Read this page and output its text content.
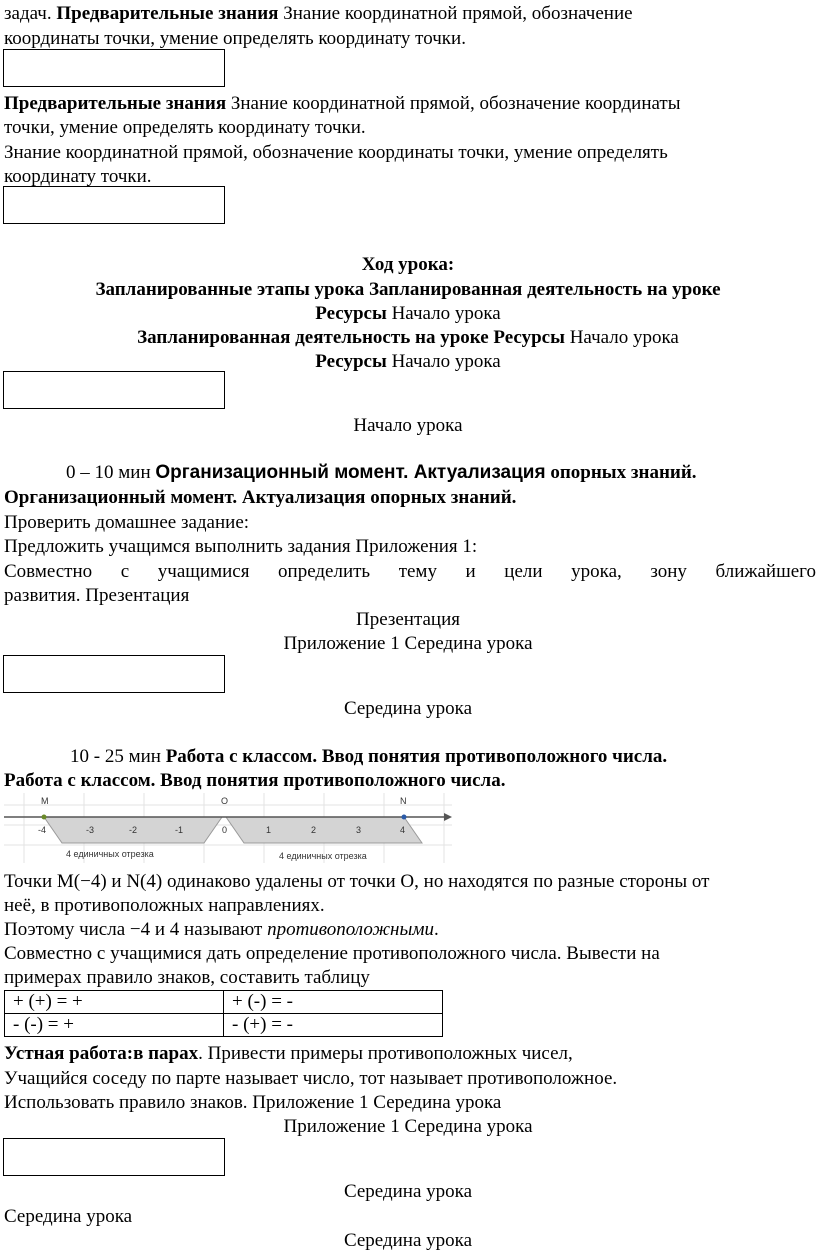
задач. Предварительные знания Знание координатной прямой, обозначение
координаты точки, умение определять координату точки.
Предварительные знания Знание координатной прямой, обозначение координаты
точки, умение определять координату точки.
Знание координатной прямой, обозначение координаты точки, умение определять
координату точки.
Ход урока:
Запланированные этапы урока Запланированная деятельность на уроке
Ресурсы Начало урока
Запланированная деятельность на уроке Ресурсы Начало урока
Ресурсы Начало урока
Начало урока
0 – 10 мин Организационный момент. Актуализация опорных знаний.
Организационный момент. Актуализация опорных знаний.
Проверить домашнее задание:
Предложить учащимся выполнить задания Приложения 1:
Совместно с учащимися определить тему и цели урока, зону ближайшего
развития. Презентация
Презентация
Приложение 1 Середина урока
Середина урока
10 - 25 мин Работа с классом. Ввод понятия противоположного числа.
Работа с классом. Ввод понятия противоположного числа.
M	O	N
-4	-3	-2	-1	0	1	2	3	4
4 единичных отрезка	4 единичных отрезка
Точки M(−4) и N(4) одинаково удалены от точки O, но находятся по разные стороны от
неё, в противоположных направлениях.
Поэтому числа −4 и 4 называют противоположными.
Совместно с учащимися дать определение противоположного числа. Вывести на
примерах правило знаков, составить таблицу
+ (+) = +	+ (-) = -
- (-) = +	- (+) = -
Устная работа:в парах. Привести примеры противоположных чисел,
Учащийся соседу по парте называет число, тот называет противоположное.
Использовать правило знаков. Приложение 1 Середина урока
Приложение 1 Середина урока
Середина урока
Середина урока
Середина урока
